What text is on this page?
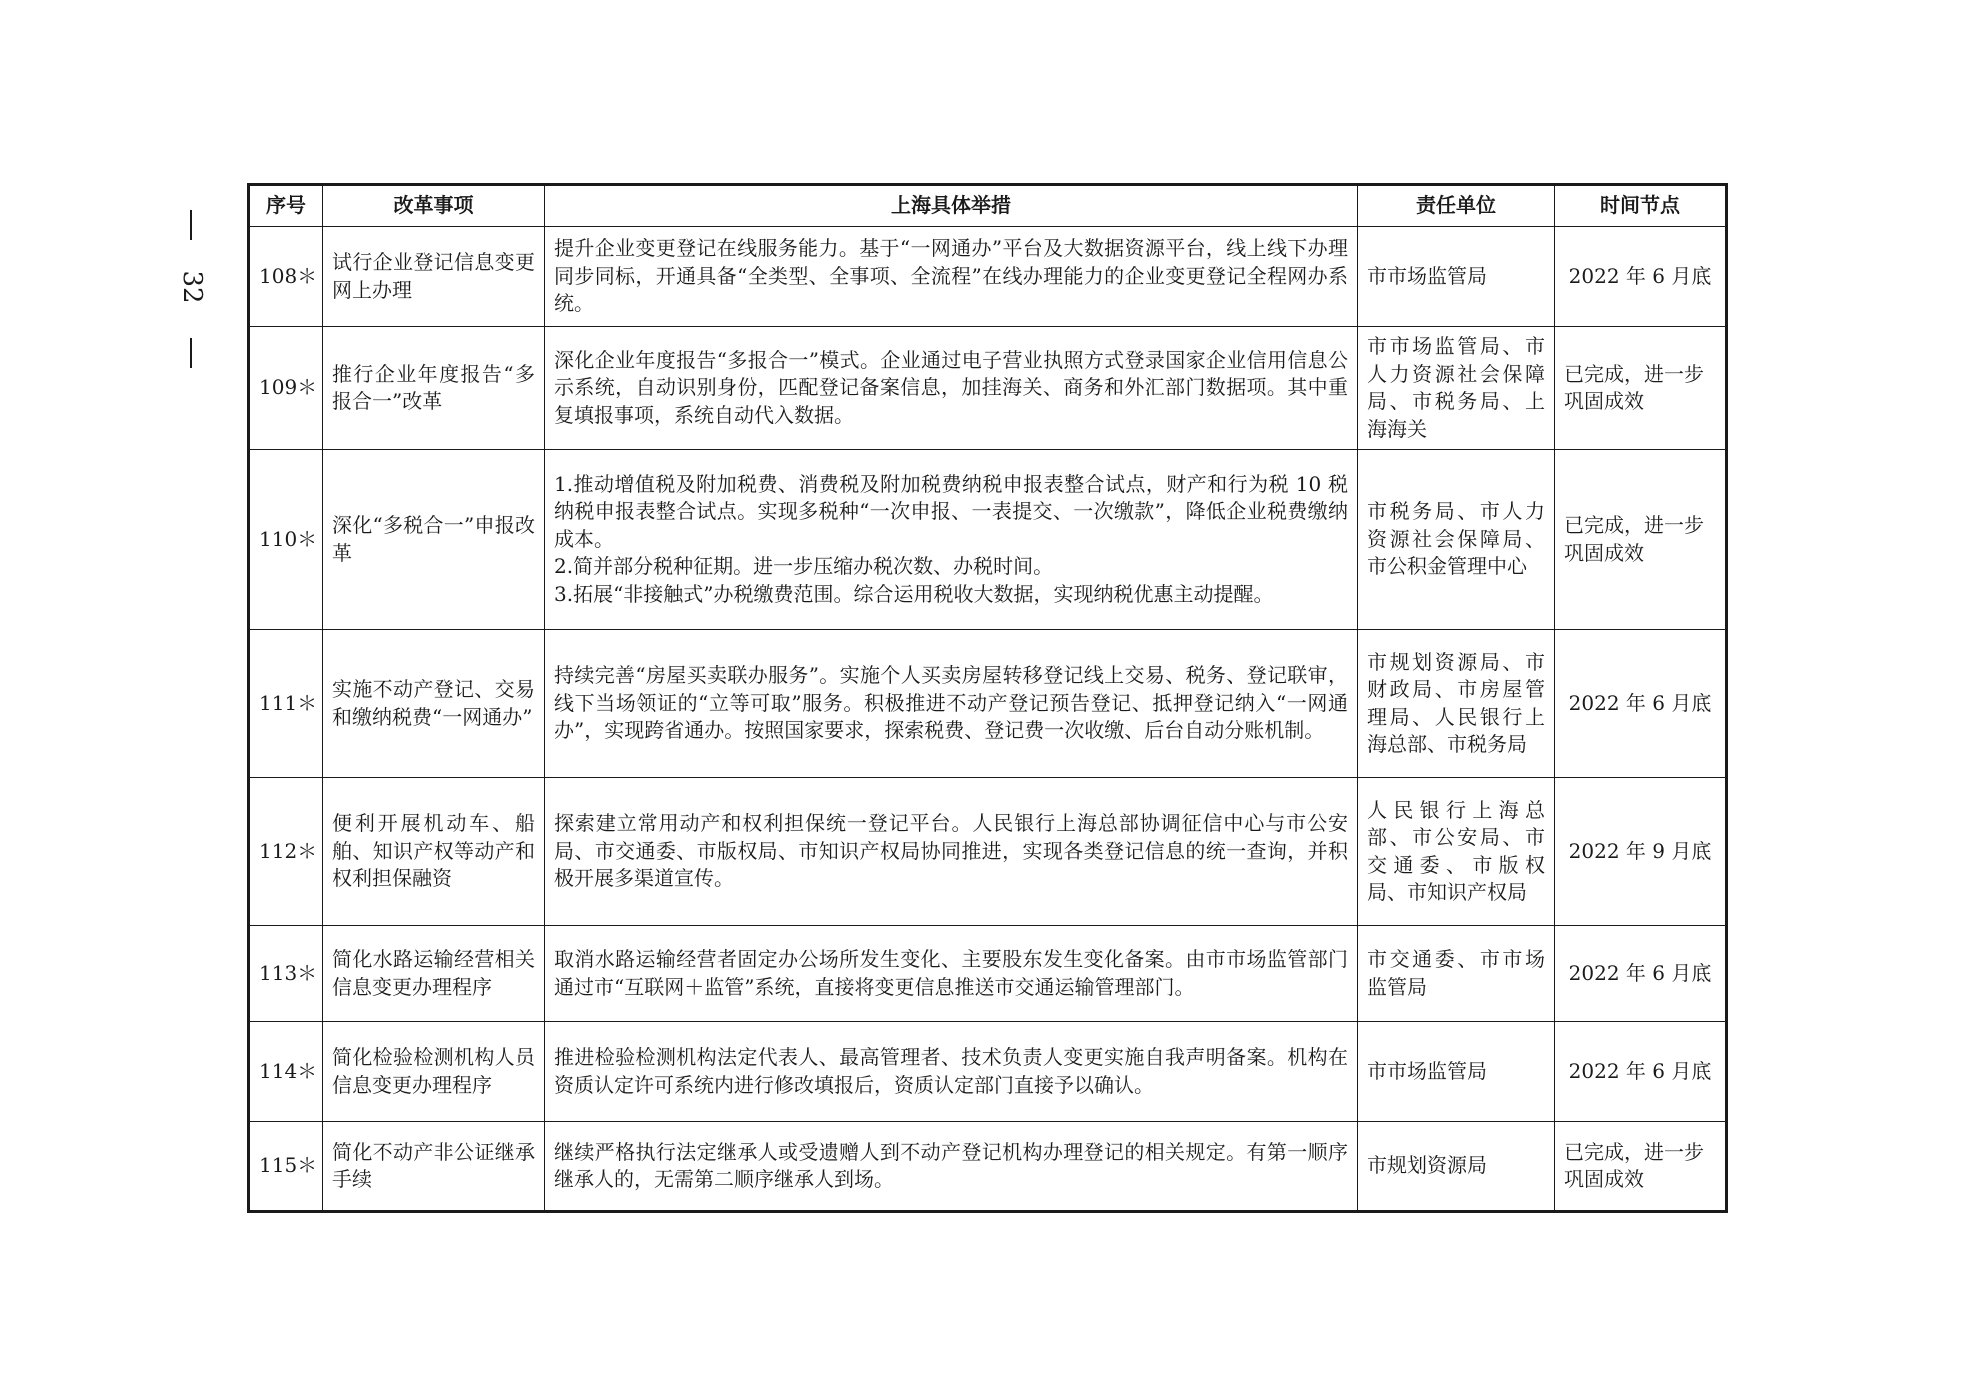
32
序号	改革事项	上海具体举措	责任单位	时间节点
108＊	试行企业登记信息变更网上办理	提升企业变更登记在线服务能力。基于“一网通办”平台及大数据资源平台，线上线下办理同步同标，开通具备“全类型、全事项、全流程”在线办理能力的企业变更登记全程网办系统。	市市场监管局	2022 年 6 月底
109＊	推行企业年度报告“多报合一”改革	深化企业年度报告“多报合一”模式。企业通过电子营业执照方式登录国家企业信用信息公示系统，自动识别身份，匹配登记备案信息，加挂海关、商务和外汇部门数据项。其中重复填报事项，系统自动代入数据。	市市场监管局、市人力资源社会保障局、市税务局、上海海关	已完成，进一步巩固成效
110＊	深化“多税合一”申报改革	1.推动增值税及附加税费、消费税及附加税费纳税申报表整合试点，财产和行为税 10 税纳税申报表整合试点。实现多税种“一次申报、一表提交、一次缴款”，降低企业税费缴纳成本。
2.简并部分税种征期。进一步压缩办税次数、办税时间。
3.拓展“非接触式”办税缴费范围。综合运用税收大数据，实现纳税优惠主动提醒。	市税务局、市人力资源社会保障局、市公积金管理中心	已完成，进一步巩固成效
111＊	实施不动产登记、交易和缴纳税费“一网通办”	持续完善“房屋买卖联办服务”。实施个人买卖房屋转移登记线上交易、税务、登记联审，线下当场领证的“立等可取”服务。积极推进不动产登记预告登记、抵押登记纳入“一网通办”，实现跨省通办。按照国家要求，探索税费、登记费一次收缴、后台自动分账机制。	市规划资源局、市财政局、市房屋管理局、人民银行上海总部、市税务局	2022 年 6 月底
112＊	便利开展机动车、船舶、知识产权等动产和权利担保融资	探索建立常用动产和权利担保统一登记平台。人民银行上海总部协调征信中心与市公安局、市交通委、市版权局、市知识产权局协同推进，实现各类登记信息的统一查询，并积极开展多渠道宣传。	人民银行上海总部、市公安局、市交通委、市版权局、市知识产权局	2022 年 9 月底
113＊	简化水路运输经营相关信息变更办理程序	取消水路运输经营者固定办公场所发生变化、主要股东发生变化备案。由市市场监管部门通过市“互联网＋监管”系统，直接将变更信息推送市交通运输管理部门。	市交通委、市市场监管局	2022 年 6 月底
114＊	简化检验检测机构人员信息变更办理程序	推进检验检测机构法定代表人、最高管理者、技术负责人变更实施自我声明备案。机构在资质认定许可系统内进行修改填报后，资质认定部门直接予以确认。	市市场监管局	2022 年 6 月底
115＊	简化不动产非公证继承手续	继续严格执行法定继承人或受遗赠人到不动产登记机构办理登记的相关规定。有第一顺序继承人的，无需第二顺序继承人到场。	市规划资源局	已完成，进一步巩固成效
